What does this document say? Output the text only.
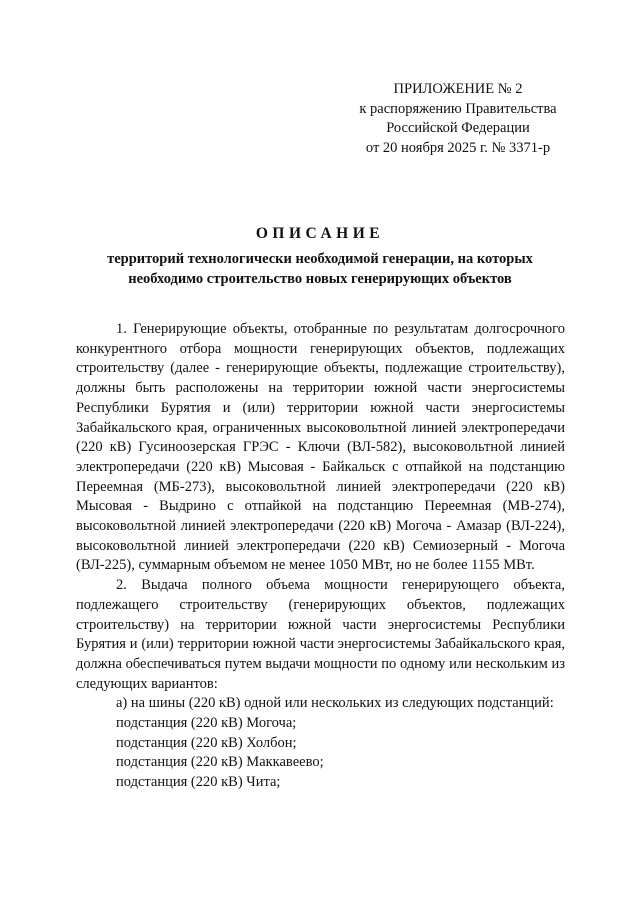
ПРИЛОЖЕНИЕ № 2
к распоряжению Правительства
Российской Федерации
от 20 ноября 2025 г. № 3371-р
ОПИСАНИЕ
территорий технологически необходимой генерации, на которых
необходимо строительство новых генерирующих объектов

1. Генерирующие объекты, отобранные по результатам долгосрочного конкурентного отбора мощности генерирующих объектов, подлежащих строительству (далее - генерирующие объекты, подлежащие строительству), должны быть расположены на территории южной части энергосистемы Республики Бурятия и (или) территории южной части энергосистемы Забайкальского края, ограниченных высоковольтной линией электропередачи (220 кВ) Гусиноозерская ГРЭС - Ключи (ВЛ-582), высоковольтной линией электропередачи (220 кВ) Мысовая - Байкальск с отпайкой на подстанцию Переемная (МБ-273), высоковольтной линией электропередачи (220 кВ) Мысовая - Выдрино с отпайкой на подстанцию Переемная (МВ-274), высоковольтной линией электропередачи (220 кВ) Могоча - Амазар (ВЛ-224), высоковольтной линией электропередачи (220 кВ) Семиозерный - Могоча (ВЛ-225), суммарным объемом не менее 1050 МВт, но не более 1155 МВт.

2. Выдача полного объема мощности генерирующего объекта, подлежащего строительству (генерирующих объектов, подлежащих строительству) на территории южной части энергосистемы Республики Бурятия и (или) территории южной части энергосистемы Забайкальского края, должна обеспечиваться путем выдачи мощности по одному или нескольким из следующих вариантов:

а) на шины (220 кВ) одной или нескольких из следующих подстанций:

подстанция (220 кВ) Могоча;

подстанция (220 кВ) Холбон;

подстанция (220 кВ) Маккавеево;

подстанция (220 кВ) Чита;
